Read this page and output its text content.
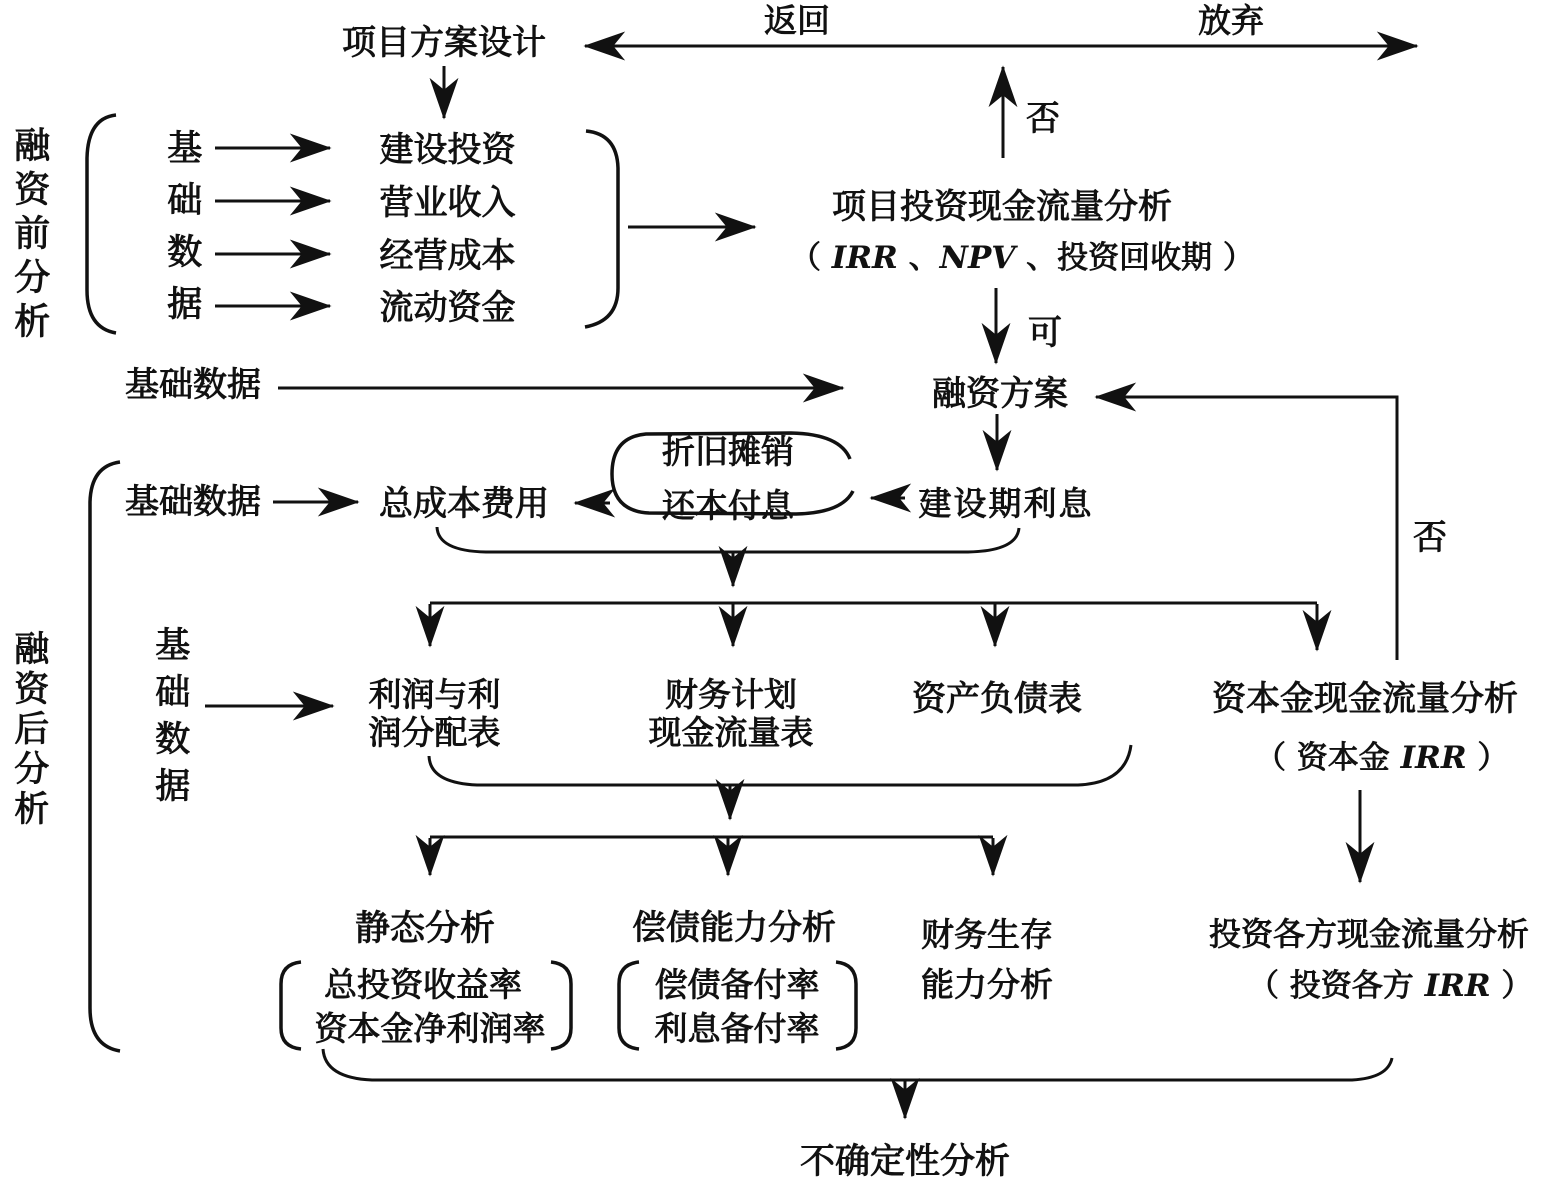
项目方案设计
返回	放弃
否
融资前分析	基础数据	建设投资
营业收入
经营成本
流动资金
项目投资现金流量分析
（ IRR 、NPV 、投资回收期 ）
可
融资方案
基础数据
否
折旧摊销
还本付息
基础数据	总成本费用	建设期利息
融资后分析	基础数据	利润与利
润分配表
财务计划
现金流量表
资产负债表	资本金现金流量分析
（ 资本金 IRR ）
静态分析
总投资收益率
资本金净利润率
偿债能力分析
偿债备付率
利息备付率
财务生存
能力分析
投资各方现金流量分析
（ 投资各方 IRR ）
不确定性分析
